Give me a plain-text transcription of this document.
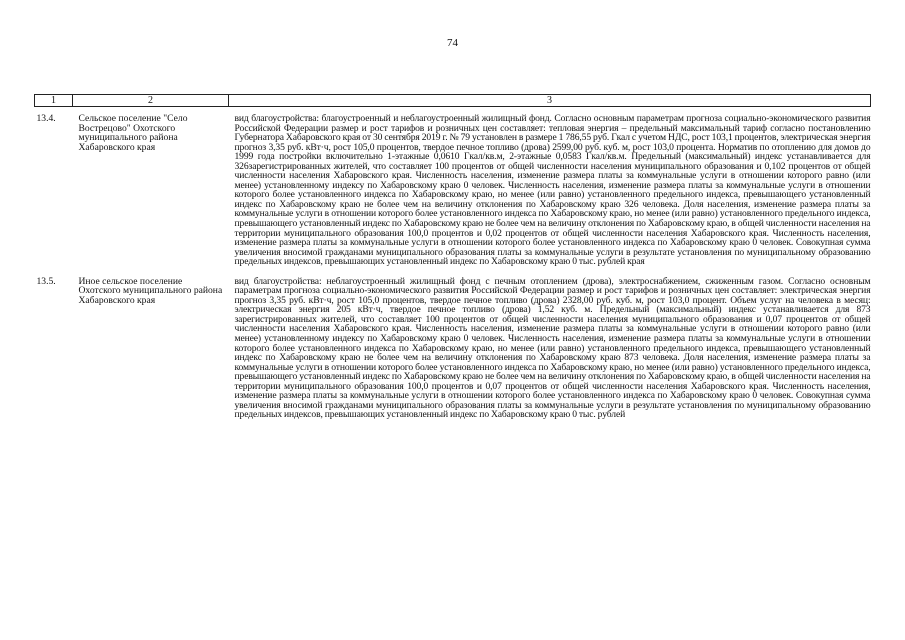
74
1	2	3
13.4.	Сельское поселение "Село Вострецово" Охотского муниципального района Хабаровского края	вид благоустройства: благоустроенный и неблагоустроенный жилищный фонд. Согласно основным параметрам прогноза социально-экономического развития Российской Федерации размер и рост тарифов и розничных цен составляет: тепловая энергия – предельный максимальный тариф согласно постановлению Губернатора Хабаровского края от 30 сентября 2019 г. № 79 установлен в размере 1 786,55 руб. Гкал с учетом НДС, рост 103,1 процентов, электрическая энергия прогноз 3,35 руб. кВт·ч, рост 105,0 процентов, твердое печное топливо (дрова) 2599,00 руб. куб. м, рост 103,0 процента. Норматив по отоплению для домов до 1999 года постройки включительно 1-этажные 0,0610 Гкал/кв.м, 2-этажные 0,0583 Гкал/кв.м. Предельный (максимальный) индекс устанавливается для 326зарегистрированных жителей, что составляет 100 процентов от общей численности населения муниципального образования и 0,102 процентов от общей численности населения Хабаровского края. Численность населения, изменение размера платы за коммунальные услуги в отношении которого равно (или менее) установленному индексу по Хабаровскому краю 0 человек. Численность населения, изменение размера платы за коммунальные услуги в отношении которого более установленного индекса по Хабаровскому краю, но менее (или равно) установленного предельного индекса, превышающего установленный индекс по Хабаровскому краю не более чем на величину отклонения по Хабаровскому краю 326 человека. Доля населения, изменение размера платы за коммунальные услуги в отношении которого более установленного индекса по Хабаровскому краю, но менее (или равно) установленного предельного индекса, превышающего установленный индекс по Хабаровскому краю не более чем на величину отклонения по Хабаровскому краю, в общей численности населения на территории муниципального образования 100,0 процентов и 0,02 процентов от общей численности населения Хабаровского края. Численность населения, изменение размера платы за коммунальные услуги в отношении которого более установленного индекса по Хабаровскому краю 0 человек. Совокупная сумма увеличения вносимой гражданами муниципального образования платы за коммунальные услуги в результате установления по муниципальному образованию предельных индексов, превышающих установленный индекс по Хабаровскому краю 0 тыс. рублей края
13.5.	Иное сельское поселение Охотского муниципального района Хабаровского края	вид благоустройства: неблагоустроенный жилищный фонд с печным отоплением (дрова), электроснабжением, сжиженным газом. Согласно основным параметрам прогноза социально-экономического развития Российской Федерации размер и рост тарифов и розничных цен составляет: электрическая энергия прогноз 3,35 руб. кВт·ч, рост 105,0 процентов, твердое печное топливо (дрова) 2328,00 руб. куб. м, рост 103,0 процент. Объем услуг на человека в месяц: электрическая энергия 205 кВт·ч, твердое печное топливо (дрова) 1,52 куб. м. Предельный (максимальный) индекс устанавливается для 873 зарегистрированных жителей, что составляет 100 процентов от общей численности населения муниципального образования и 0,07 процентов от общей численности населения Хабаровского края. Численность населения, изменение размера платы за коммунальные услуги в отношении которого равно (или менее) установленному индексу по Хабаровскому краю 0 человек. Численность населения, изменение размера платы за коммунальные услуги в отношении которого более установленного индекса по Хабаровскому краю, но менее (или равно) установленного предельного индекса, превышающего установленный индекс по Хабаровскому краю не более чем на величину отклонения по Хабаровскому краю 873 человека. Доля населения, изменение размера платы за коммунальные услуги в отношении которого более установленного индекса по Хабаровскому краю, но менее (или равно) установленного предельного индекса, превышающего установленный индекс по Хабаровскому краю не более чем на величину отклонения по Хабаровскому краю, в общей численности населения на территории муниципального образования 100,0 процентов и 0,07 процентов от общей численности населения Хабаровского края. Численность населения, изменение размера платы за коммунальные услуги в отношении которого более установленного индекса по Хабаровскому краю 0 человек. Совокупная сумма увеличения вносимой гражданами муниципального образования платы за коммунальные услуги в результате установления по муниципальному образованию предельных индексов, превышающих установленный индекс по Хабаровскому краю 0 тыс. рублей
